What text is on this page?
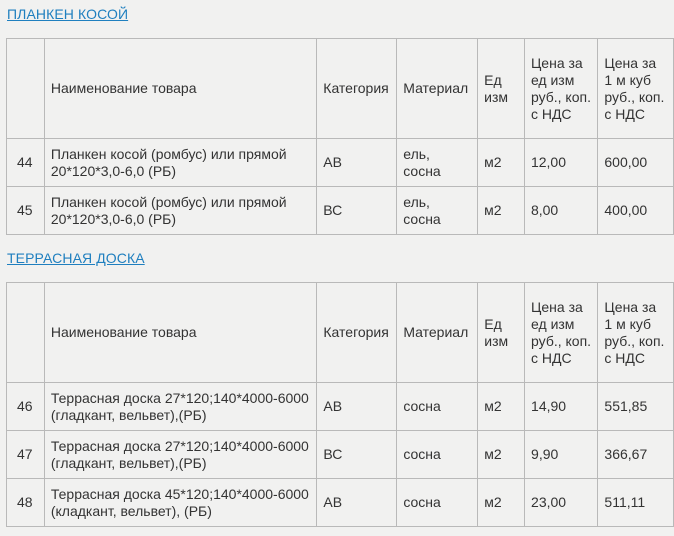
ПЛАНКЕН КОСОЙ
	Наименование товара	Категория	Материал	Ед изм	Цена за ед изм руб., коп. с НДС	Цена за 1 м куб руб., коп. с НДС
44	Планкен косой (ромбус) или прямой 20*120*3,0-6,0 (РБ)	АВ	ель, сосна	м2	12,00	600,00
45	Планкен косой (ромбус) или прямой 20*120*3,0-6,0 (РБ)	ВС	ель, сосна	м2	8,00	400,00
ТЕРРАСНАЯ ДОСКА
	Наименование товара	Категория	Материал	Ед изм	Цена за ед изм руб., коп. с НДС	Цена за 1 м куб руб., коп. с НДС
46	Террасная доска 27*120;140*4000-6000 (гладкант, вельвет),(РБ)	АВ	сосна	м2	14,90	551,85
47	Террасная доска 27*120;140*4000-6000 (гладкант, вельвет),(РБ)	ВС	сосна	м2	9,90	366,67
48	Террасная доска 45*120;140*4000-6000 (кладкант, вельвет), (РБ)	АВ	сосна	м2	23,00	511,11
